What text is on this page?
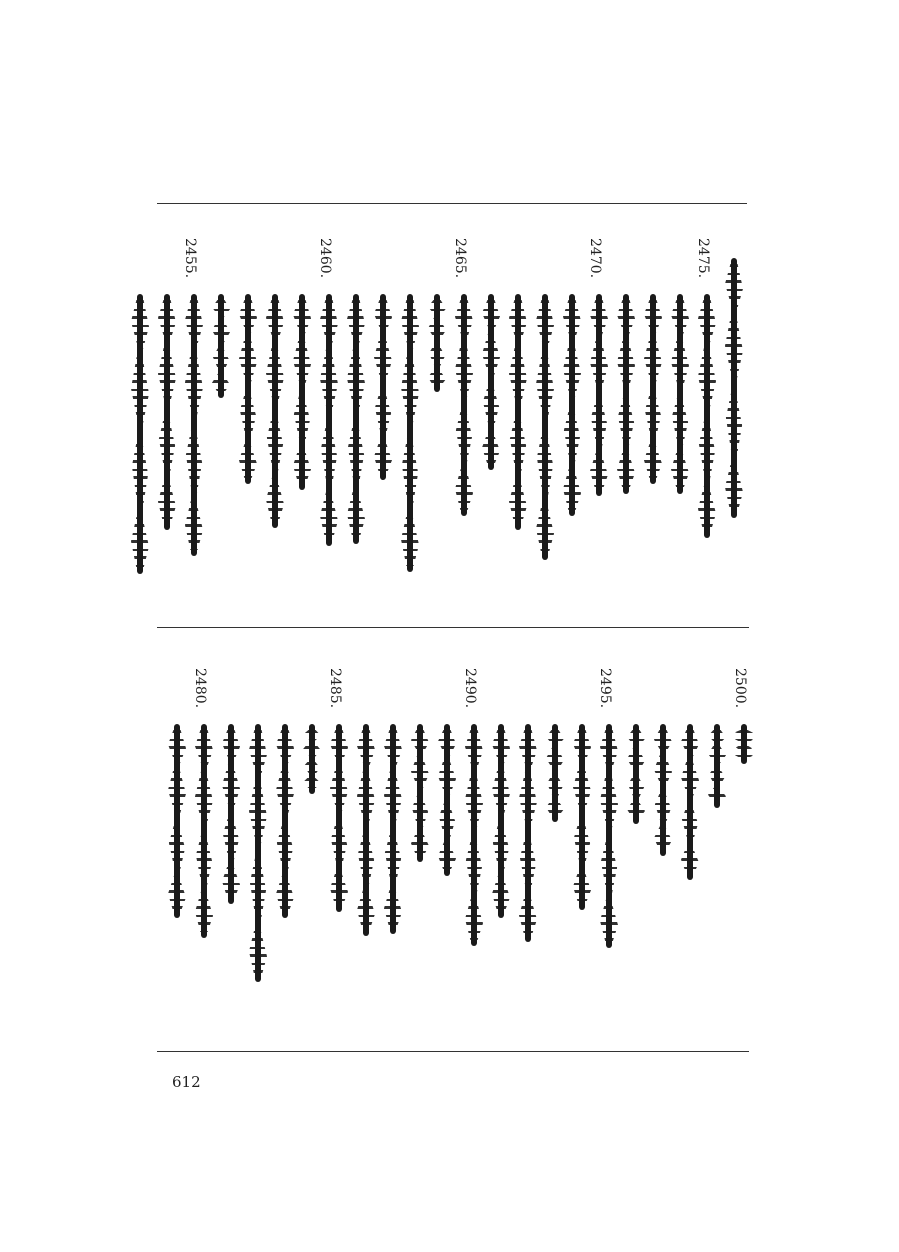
2475.
2470.
2465.
2460.
2455.
2500.
2495.
2490.
2485.
2480.
612
